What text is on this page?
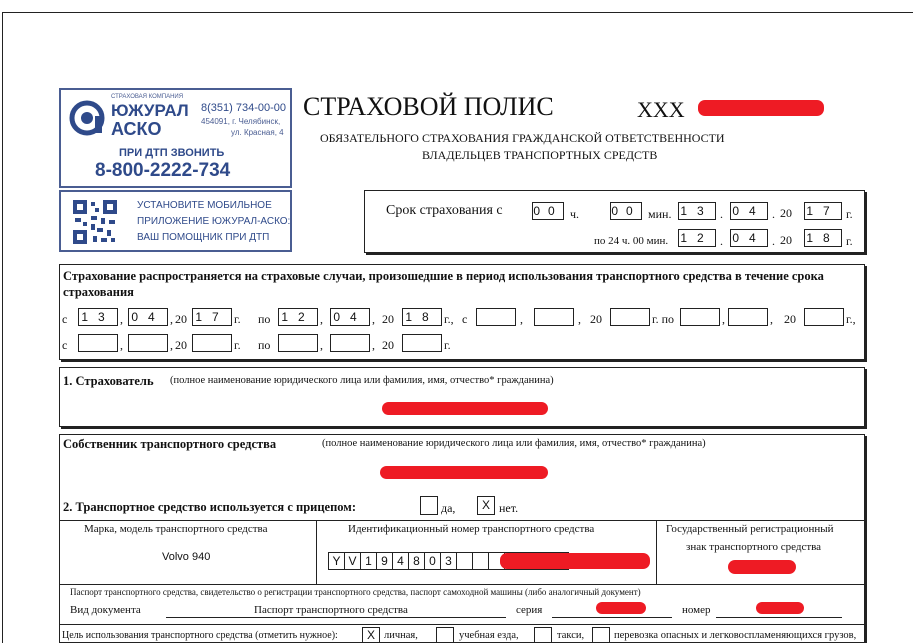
СТРАХОВАЯ КОМПАНИЯ
ЮЖУРАЛ
АСКО
8(351) 734-00-00
454091, г. Челябинск,
ул. Красная, 4
ПРИ ДТП ЗВОНИТЬ
8-800-2222-734
УСТАНОВИТЕ МОБИЛЬНОЕ
ПРИЛОЖЕНИЕ ЮЖУРАЛ-АСКО:
ВАШ ПОМОЩНИК ПРИ ДТП
СТРАХОВОЙ ПОЛИС	ХХХ
ОБЯЗАТЕЛЬНОГО СТРАХОВАНИЯ ГРАЖДАНСКОЙ ОТВЕТСТВЕННОСТИ
ВЛАДЕЛЬЦЕВ ТРАНСПОРТНЫХ СРЕДСТВ
Срок страхования с	00 ч.	00 мин. 13 . 04 . 20 17 г.
по 24 ч. 00 мин. 12 . 04 . 20 18 г.
Страхование распространяется на страховые случаи, произошедшие в период использования транспортного средства в течение срока страхования
с 13 , 04 , 20 17 г. по 12 , 04 , 20 18 г., с	,	, 20	г. по	,	, 20	г.,
с	,	, 20	г. по	,	, 20	г.
1. Страхователь (полное наименование юридического лица или фамилия, имя, отчество* гражданина)
Собственник транспортного средства	(полное наименование юридического лица или фамилия, имя, отчество* гражданина)
2. Транспортное средство используется с прицепом:	да,	X нет.
Марка, модель транспортного средства
Volvo 940
Идентификационный номер транспортного средства
Y V 1 9 4 8 0 3
Государственный регистрационный
знак транспортного средства
Паспорт транспортного средства, свидетельство о регистрации транспортного средства, паспорт самоходной машины (либо аналогичный документ)
Вид документа	Паспорт транспортного средства	серия	номер
Цель использования транспортного средства (отметить нужное):	X личная,	учебная езда,	такси,	перевозка опасных и легковоспламеняющихся грузов,
